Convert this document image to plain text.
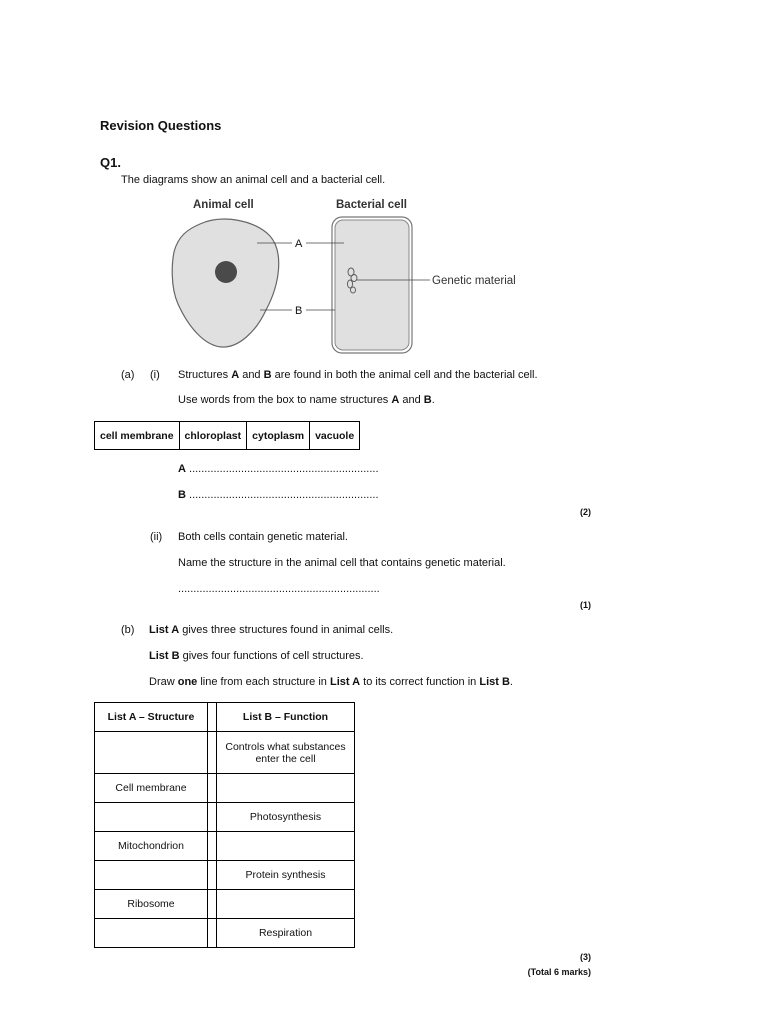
Revision Questions
Q1.
The diagrams show an animal cell and a bacterial cell.
Animal cell	Bacterial cell
A
B
Genetic material
(a) (i) Structures A and B are found in both the animal cell and the bacterial cell.
Use words from the box to name structures A and B.
cell membrane	chloroplast	cytoplasm	vacuole
A ..............................................................
B ..............................................................
(2)
(ii) Both cells contain genetic material.
Name the structure in the animal cell that contains genetic material.
..................................................................
(1)
(b) List A gives three structures found in animal cells.
List B gives four functions of cell structures.
Draw one line from each structure in List A to its correct function in List B.
List A – Structure		List B – Function
		Controls what substances enter the cell
Cell membrane		
		Photosynthesis
Mitochondrion		
		Protein synthesis
Ribosome		
		Respiration
(3)
(Total 6 marks)
